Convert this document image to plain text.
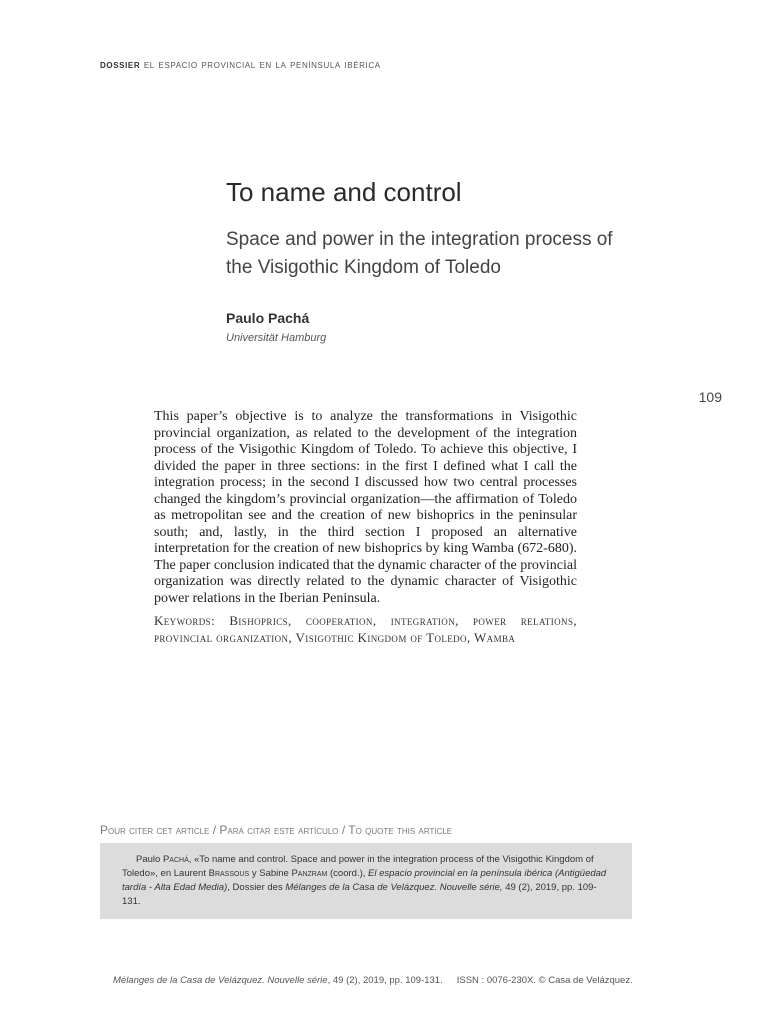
dossier el espacio provincial en la península ibérica
To name and control
Space and power in the integration process of the Visigothic Kingdom of Toledo
Paulo Pachá
Universität Hamburg
109
This paper’s objective is to analyze the transformations in Visigothic provincial organization, as related to the development of the integration process of the Visigothic Kingdom of Toledo. To achieve this objective, I divided the paper in three sections: in the first I defined what I call the integration process; in the second I discussed how two central processes changed the kingdom’s provincial organization—the affirmation of Toledo as metropolitan see and the creation of new bishoprics in the peninsular south; and, lastly, in the third section I proposed an alternative interpretation for the creation of new bishoprics by king Wamba (672-680). The paper conclusion indicated that the dynamic character of the provincial organization was directly related to the dynamic character of Visigothic power relations in the Iberian Peninsula.
Keywords: Bishoprics, cooperation, integration, power relations, provincial organization, Visigothic Kingdom of Toledo, Wamba
Pour citer cet article / Para citar este artículo / To quote this article
Paulo Pachá, «To name and control. Space and power in the integration process of the Visigothic Kingdom of Toledo», en Laurent Brassous y Sabine Panzram (coord.), El espacio provincial en la península ibérica (Antigüedad tardía - Alta Edad Media), Dossier des Mélanges de la Casa de Velázquez. Nouvelle série, 49 (2), 2019, pp. 109-131.
Mélanges de la Casa de Velázquez. Nouvelle série, 49 (2), 2019, pp. 109-131. ISSN : 0076-230X. © Casa de Velázquez.
